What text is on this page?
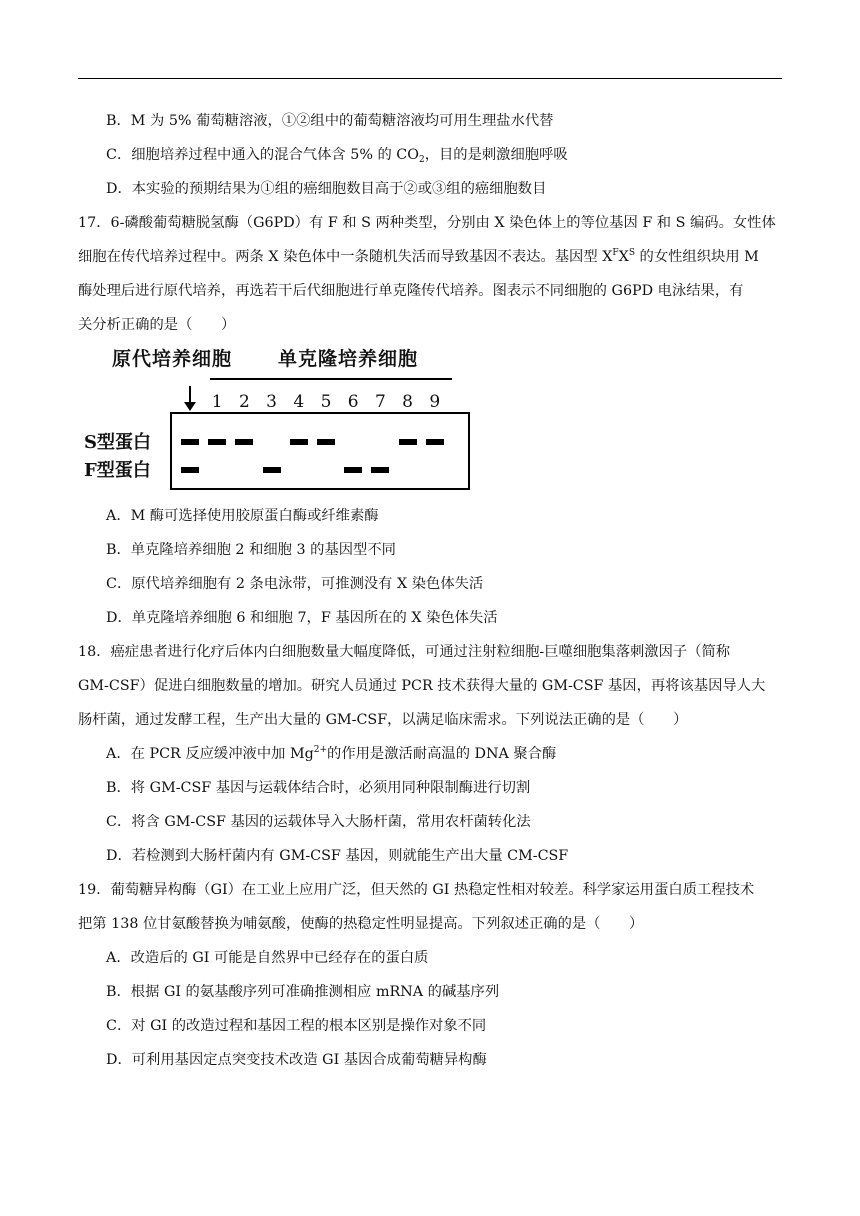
B．M 为 5% 葡萄糖溶液，①②组中的葡萄糖溶液均可用生理盐水代替
C．细胞培养过程中通入的混合气体含 5% 的 $CO_2$，目的是刺激细胞呼吸
D．本实验的预期结果为①组的癌细胞数目高于②或③组的癌细胞数目
17．6-磷酸葡萄糖脱氢酶（G6PD）有 F 和 S 两种类型，分别由 X 染色体上的等位基因 F 和 S 编码。女性体
细胞在传代培养过程中。两条 X 染色体中一条随机失活而导致基因不表达。基因型 $X^FX^S$ 的女性组织块用 M
酶处理后进行原代培养，再选若干后代细胞进行单克隆传代培养。图表示不同细胞的 G6PD 电泳结果，有
关分析正确的是（　　）
原代培养细胞 单克隆培养细胞
S型蛋白
F型蛋白
1 2 3 4 5 6 7 8 9
A．M 酶可选择使用胶原蛋白酶或纤维素酶
B．单克隆培养细胞 2 和细胞 3 的基因型不同
C．原代培养细胞有 2 条电泳带，可推测没有 X 染色体失活
D．单克隆培养细胞 6 和细胞 7，F 基因所在的 X 染色体失活
18．癌症患者进行化疗后体内白细胞数量大幅度降低，可通过注射粒细胞-巨噬细胞集落刺激因子（简称
GM-CSF）促进白细胞数量的增加。研究人员通过 PCR 技术获得大量的 GM-CSF 基因，再将该基因导人大
肠杆菌，通过发酵工程，生产出大量的 GM-CSF，以满足临床需求。下列说法正确的是（　　）
A．在 PCR 反应缓冲液中加 $Mg^{2+}$的作用是激活耐高温的 DNA 聚合酶
B．将 GM-CSF 基因与运载体结合时，必须用同种限制酶进行切割
C．将含 GM-CSF 基因的运载体导入大肠杆菌，常用农杆菌转化法
D．若检测到大肠杆菌内有 GM-CSF 基因，则就能生产出大量 CM-CSF
19．葡萄糖异构酶（GI）在工业上应用广泛，但天然的 GI 热稳定性相对较差。科学家运用蛋白质工程技术
把第 138 位甘氨酸替换为哺氨酸，使酶的热稳定性明显提高。下列叙述正确的是（　　）
A．改造后的 GI 可能是自然界中已经存在的蛋白质
B．根据 GI 的氨基酸序列可准确推测相应 mRNA 的碱基序列
C．对 GI 的改造过程和基因工程的根本区别是操作对象不同
D．可利用基因定点突变技术改造 GI 基因合成葡萄糖异构酶
